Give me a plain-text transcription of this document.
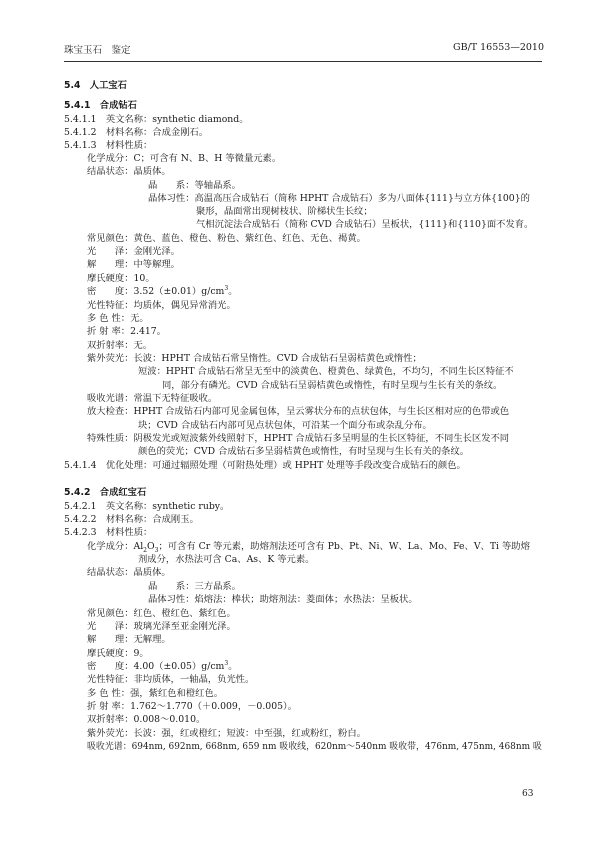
珠宝玉石　鉴定	GB/T 16553—2010
5.4　人工宝石
5.4.1　合成钻石
5.4.1.1　英文名称：synthetic diamond。
5.4.1.2　材料名称：合成金刚石。
5.4.1.3　材料性质：
化学成分：C；可含有 N、B、H 等微量元素。
结晶状态：晶质体。
晶　　系：等轴晶系。
晶体习性：高温高压合成钻石（简称 HPHT 合成钻石）多为八面体{111}与立方体{100}的
聚形，晶面常出现树枝状、阶梯状生长纹；
气相沉淀法合成钻石（简称 CVD 合成钻石）呈板状，{111}和{110}面不发育。
常见颜色：黄色、蓝色、橙色、粉色、紫红色、红色、无色、褐黄。
光　　泽：金刚光泽。
解　　理：中等解理。
摩氏硬度：10。
密　　度：$3.52(\pm 0.01)g/cm^3$。
光性特征：均质体，偶见异常消光。
多 色 性：无。
折 射 率：2.417。
双折射率：无。
紫外荧光：长波：HPHT 合成钻石常呈惰性。CVD 合成钻石呈弱桔黄色或惰性；
短波：HPHT 合成钻石常呈无至中的淡黄色、橙黄色、绿黄色，不均匀，不同生长区特征不
同，部分有磷光。CVD 合成钻石呈弱桔黄色或惰性，有时呈现与生长有关的条纹。
吸收光谱：常温下无特征吸收。
放大检查：HPHT 合成钻石内部可见金属包体，呈云雾状分布的点状包体，与生长区相对应的色带或色
块；CVD 合成钻石内部可见点状包体，可沿某一个面分布或杂乱分布。
特殊性质：阴极发光或短波紫外线照射下，HPHT 合成钻石多呈明显的生长区特征，不同生长区发不同
颜色的荧光；CVD 合成钻石多呈弱桔黄色或惰性，有时呈现与生长有关的条纹。
5.4.1.4　优化处理：可通过辐照处理（可附热处理）或 HPHT 处理等手段改变合成钻石的颜色。
5.4.2　合成红宝石
5.4.2.1　英文名称：synthetic ruby。
5.4.2.2　材料名称：合成刚玉。
5.4.2.3　材料性质：
化学成分：$Al_2O_3$；可含有 Cr 等元素，助熔剂法还可含有 Pb、Pt、Ni、W、La、Mo、Fe、V、Ti 等助熔
剂成分，水热法可含 Ca、As、K 等元素。
结晶状态：晶质体。
晶　　系：三方晶系。
晶体习性：焰熔法：棒状；助熔剂法：菱面体；水热法：呈板状。
常见颜色：红色、橙红色、紫红色。
光　　泽：玻璃光泽至亚金刚光泽。
解　　理：无解理。
摩氏硬度：9。
密　　度：$4.00(\pm 0.05)g/cm^3$。
光性特征：非均质体，一轴晶，负光性。
多 色 性：强，紫红色和橙红色。
折 射 率：1.762～1.770（＋0.009，－0.005）。
双折射率：0.008～0.010。
紫外荧光：长波：强，红或橙红；短波：中至强，红或粉红，粉白。
吸收光谱：694nm, 692nm, 668nm, 659 nm 吸收线，620nm～540nm 吸收带，476nm, 475nm, 468nm 吸
63
